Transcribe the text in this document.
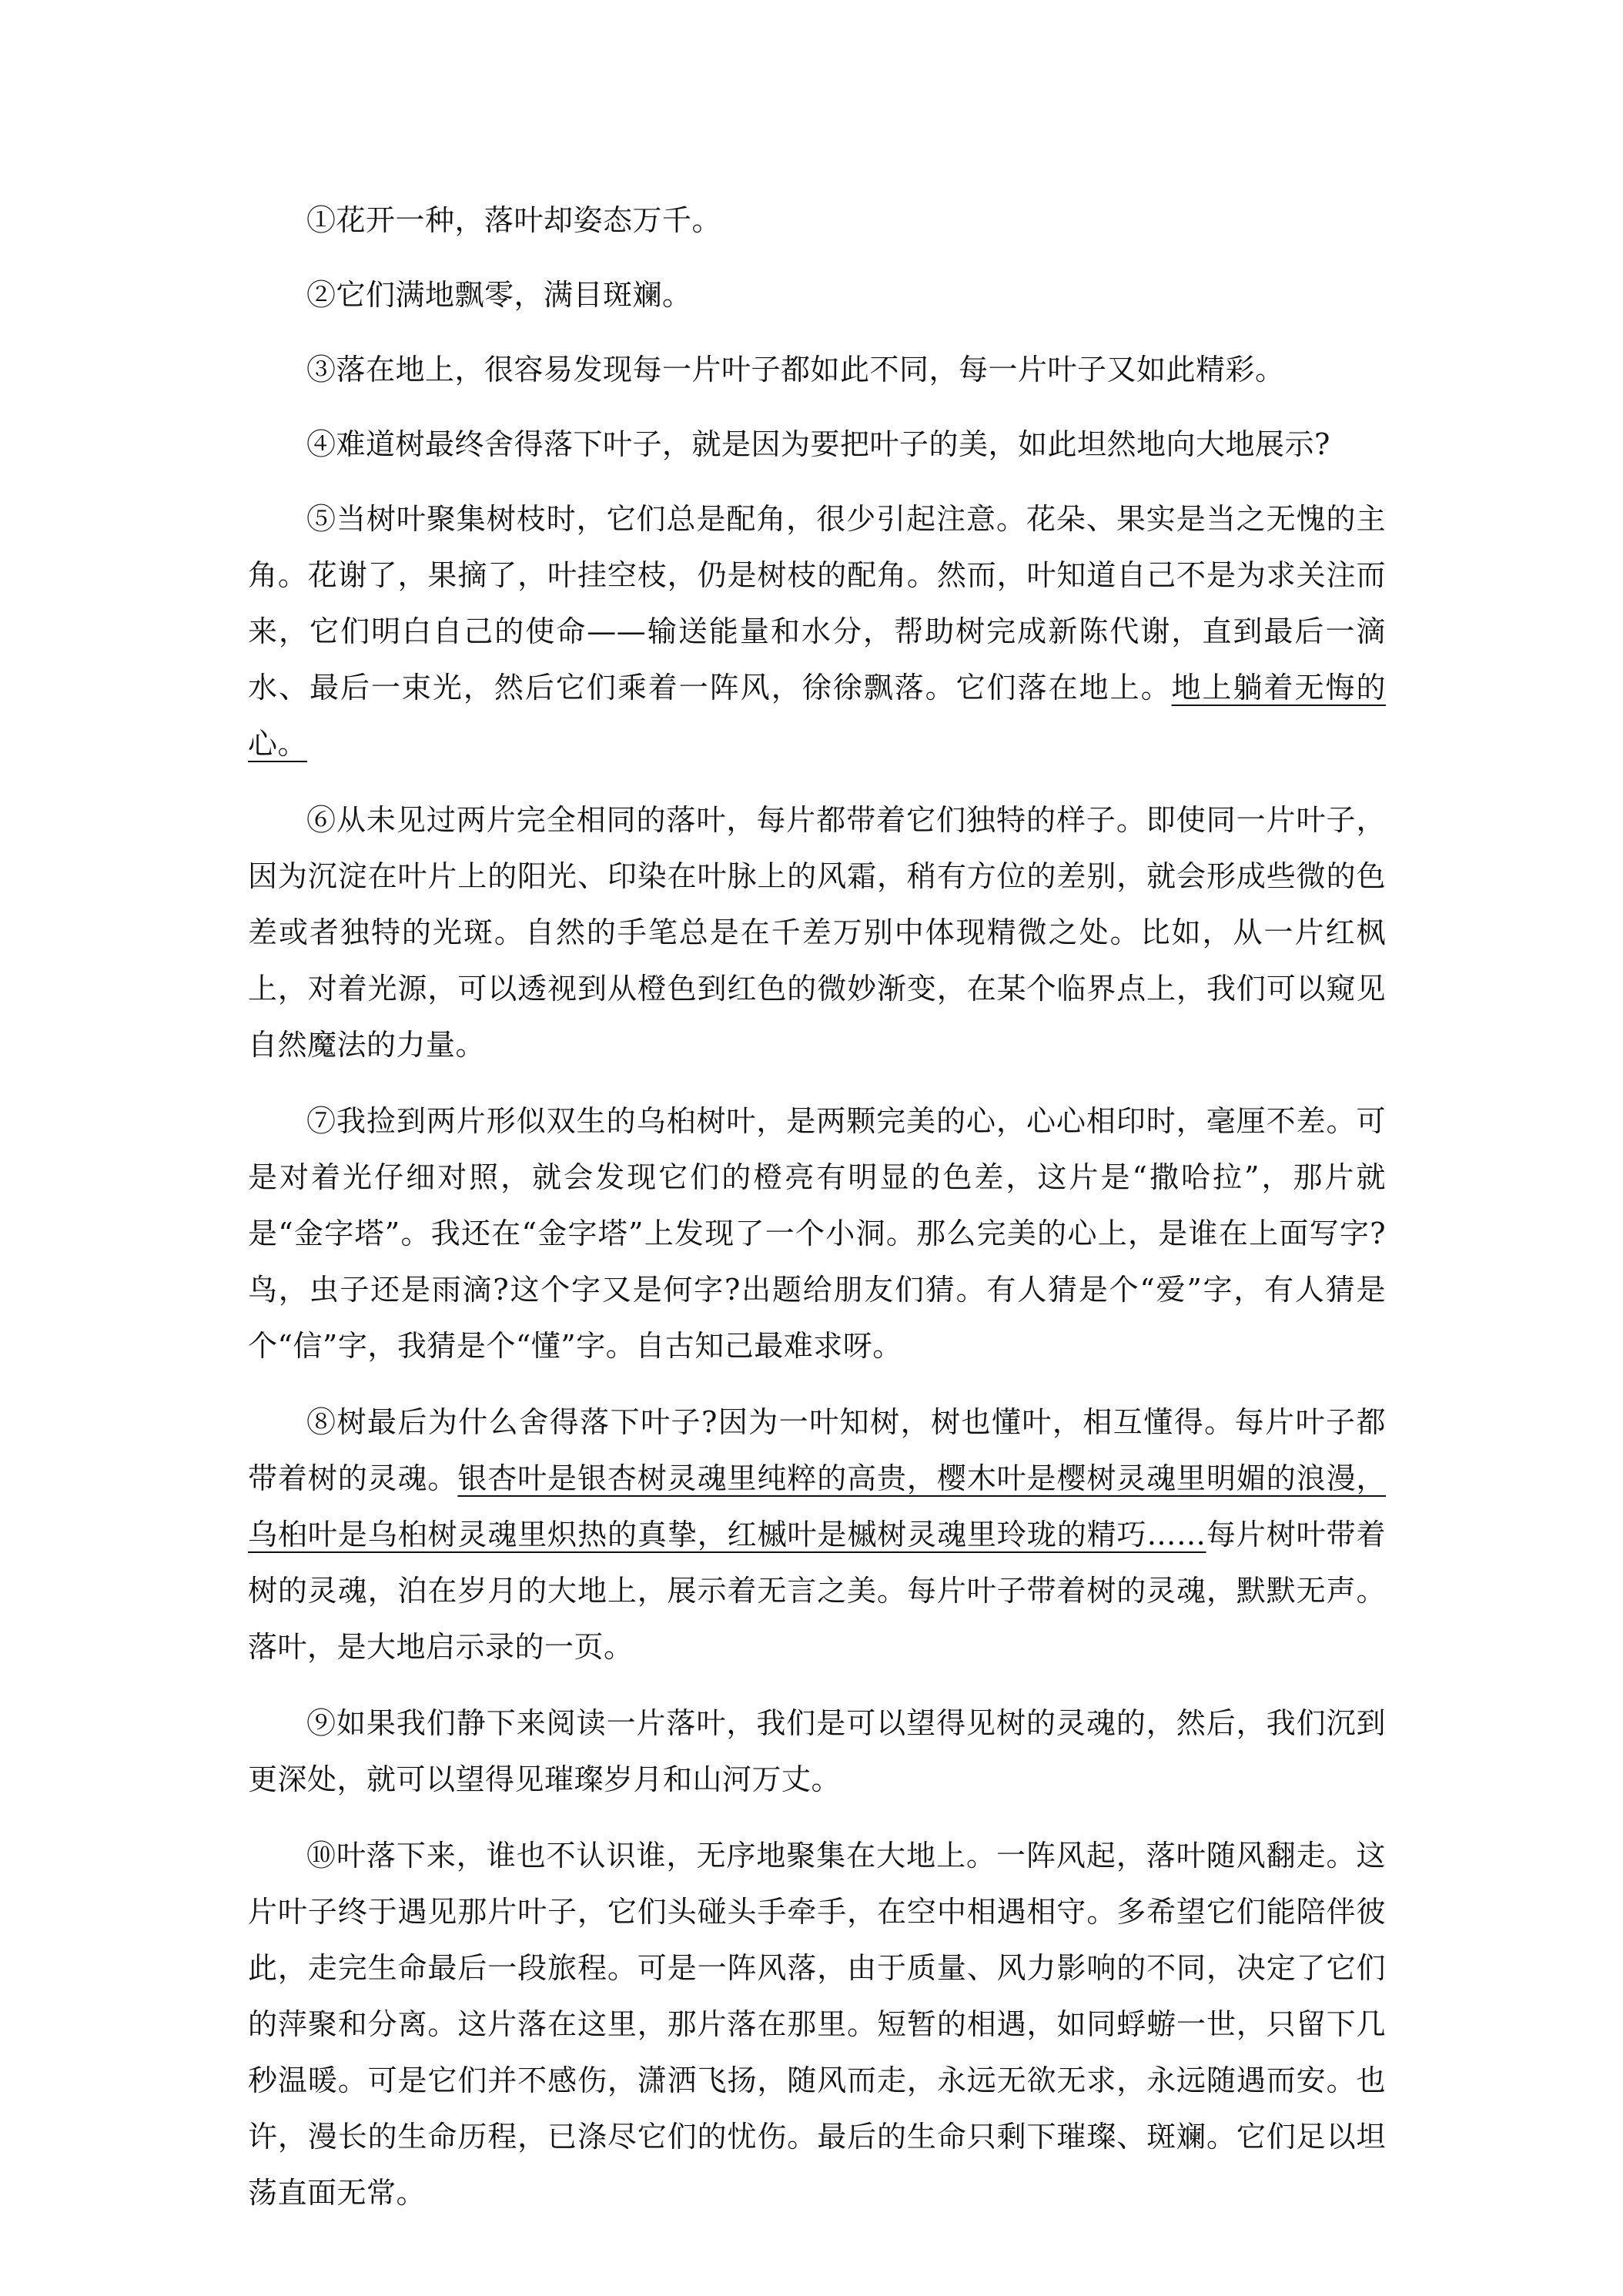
①花开一种，落叶却姿态万千。

②它们满地飘零，满目斑斓。

③落在地上，很容易发现每一片叶子都如此不同，每一片叶子又如此精彩。

④难道树最终舍得落下叶子，就是因为要把叶子的美，如此坦然地向大地展示?

⑤当树叶聚集树枝时，它们总是配角，很少引起注意。花朵、果实是当之无愧的主角。花谢了，果摘了，叶挂空枝，仍是树枝的配角。然而，叶知道自己不是为求关注而来，它们明白自己的使命——输送能量和水分，帮助树完成新陈代谢，直到最后一滴水、最后一束光，然后它们乘着一阵风，徐徐飘落。它们落在地上。地上躺着无悔的心。

⑥从未见过两片完全相同的落叶，每片都带着它们独特的样子。即使同一片叶子，因为沉淀在叶片上的阳光、印染在叶脉上的风霜，稍有方位的差别，就会形成些微的色差或者独特的光斑。自然的手笔总是在千差万别中体现精微之处。比如，从一片红枫上，对着光源，可以透视到从橙色到红色的微妙渐变，在某个临界点上，我们可以窥见自然魔法的力量。

⑦我捡到两片形似双生的乌桕树叶，是两颗完美的心，心心相印时，毫厘不差。可是对着光仔细对照，就会发现它们的橙亮有明显的色差，这片是“撒哈拉”，那片就是“金字塔”。我还在“金字塔”上发现了一个小洞。那么完美的心上，是谁在上面写字?鸟，虫子还是雨滴?这个字又是何字?出题给朋友们猜。有人猜是个“爱”字，有人猜是个“信”字，我猜是个“懂”字。自古知己最难求呀。

⑧树最后为什么舍得落下叶子?因为一叶知树，树也懂叶，相互懂得。每片叶子都带着树的灵魂。银杏叶是银杏树灵魂里纯粹的高贵，樱木叶是樱树灵魂里明媚的浪漫，乌桕叶是乌桕树灵魂里炽热的真挚，红槭叶是槭树灵魂里玲珑的精巧……每片树叶带着树的灵魂，泊在岁月的大地上，展示着无言之美。每片叶子带着树的灵魂，默默无声。落叶，是大地启示录的一页。

⑨如果我们静下来阅读一片落叶，我们是可以望得见树的灵魂的，然后，我们沉到更深处，就可以望得见璀璨岁月和山河万丈。

⑩叶落下来，谁也不认识谁，无序地聚集在大地上。一阵风起，落叶随风翻走。这片叶子终于遇见那片叶子，它们头碰头手牵手，在空中相遇相守。多希望它们能陪伴彼此，走完生命最后一段旅程。可是一阵风落，由于质量、风力影响的不同，决定了它们的萍聚和分离。这片落在这里，那片落在那里。短暂的相遇，如同蜉蝣一世，只留下几秒温暖。可是它们并不感伤，潇洒飞扬，随风而走，永远无欲无求，永远随遇而安。也许，漫长的生命历程，已涤尽它们的忧伤。最后的生命只剩下璀璨、斑斓。它们足以坦荡直面无常。
